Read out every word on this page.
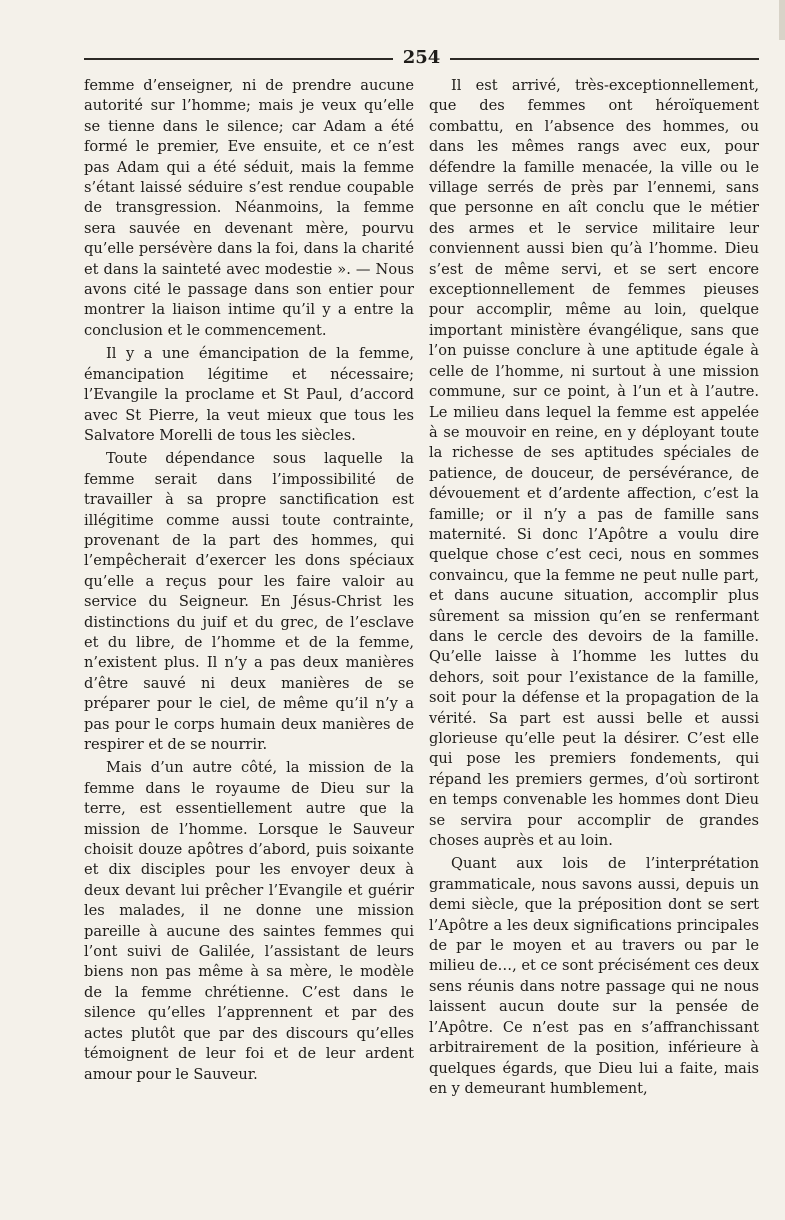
254

femme d’enseigner, ni de prendre aucune autorité sur l’homme; mais je veux qu’elle se tienne dans le silence; car Adam a été formé le premier, Eve ensuite, et ce n’est pas Adam qui a été séduit, mais la femme s’étant laissé séduire s’est rendue coupable de transgression. Néanmoins, la femme sera sauvée en devenant mère, pourvu qu’elle persévère dans la foi, dans la charité et dans la sainteté avec modestie ». — Nous avons cité le passage dans son entier pour montrer la liaison intime qu’il y a entre la conclusion et le commencement.

Il y a une émancipation de la femme, émancipation légitime et nécessaire; l’Evangile la proclame et St Paul, d’accord avec St Pierre, la veut mieux que tous les Salvatore Morelli de tous les siècles.

Toute dépendance sous laquelle la femme serait dans l’impossibilité de travailler à sa propre sanctification est illégitime comme aussi toute contrainte, provenant de la part des hommes, qui l’empêcherait d’exercer les dons spéciaux qu’elle a reçus pour les faire valoir au service du Seigneur. En Jésus-Christ les distinctions du juif et du grec, de l’esclave et du libre, de l’homme et de la femme, n’existent plus. Il n’y a pas deux manières d’être sauvé ni deux manières de se préparer pour le ciel, de même qu’il n’y a pas pour le corps humain deux manières de respirer et de se nourrir.

Mais d’un autre côté, la mission de la femme dans le royaume de Dieu sur la terre, est essentiellement autre que la mission de l’homme. Lorsque le Sauveur choisit douze apôtres d’abord, puis soixante et dix disciples pour les envoyer deux à deux devant lui prêcher l’Evangile et guérir les malades, il ne donne une mission pareille à aucune des saintes femmes qui l’ont suivi de Galilée, l’assistant de leurs biens non pas même à sa mère, le modèle de la femme chrétienne. C’est dans le silence qu’elles l’apprennent et par des actes plutôt que par des discours qu’elles témoignent de leur foi et de leur ardent amour pour le Sauveur.

Il est arrivé, très-exceptionnellement, que des femmes ont héroïquement combattu, en l’absence des hommes, ou dans les mêmes rangs avec eux, pour défendre la famille menacée, la ville ou le village serrés de près par l’ennemi, sans que personne en aît conclu que le métier des armes et le service militaire leur conviennent aussi bien qu’à l’homme. Dieu s’est de même servi, et se sert encore exceptionnellement de femmes pieuses pour accomplir, même au loin, quelque important ministère évangélique, sans que l’on puisse conclure à une aptitude égale à celle de l’homme, ni surtout à une mission commune, sur ce point, à l’un et à l’autre. Le milieu dans lequel la femme est appelée à se mouvoir en reine, en y déployant toute la richesse de ses aptitudes spéciales de patience, de douceur, de persévérance, de dévouement et d’ardente affection, c’est la famille; or il n’y a pas de famille sans maternité. Si donc l’Apôtre a voulu dire quelque chose c’est ceci, nous en sommes convaincu, que la femme ne peut nulle part, et dans aucune situation, accomplir plus sûrement sa mission qu’en se renfermant dans le cercle des devoirs de la famille. Qu’elle laisse à l’homme les luttes du dehors, soit pour l’existance de la famille, soit pour la défense et la propagation de la vérité. Sa part est aussi belle et aussi glorieuse qu’elle peut la désirer. C’est elle qui pose les premiers fondements, qui répand les premiers germes, d’où sortiront en temps convenable les hommes dont Dieu se servira pour accomplir de grandes choses auprès et au loin.

Quant aux lois de l’interprétation grammaticale, nous savons aussi, depuis un demi siècle, que la préposition dont se sert l’Apôtre a les deux significations principales de par le moyen et au travers ou par le milieu de…, et ce sont précisément ces deux sens réunis dans notre passage qui ne nous laissent aucun doute sur la pensée de l’Apôtre. Ce n’est pas en s’affranchissant arbitrairement de la position, inférieure à quelques égards, que Dieu lui a faite, mais en y demeurant humblement,
